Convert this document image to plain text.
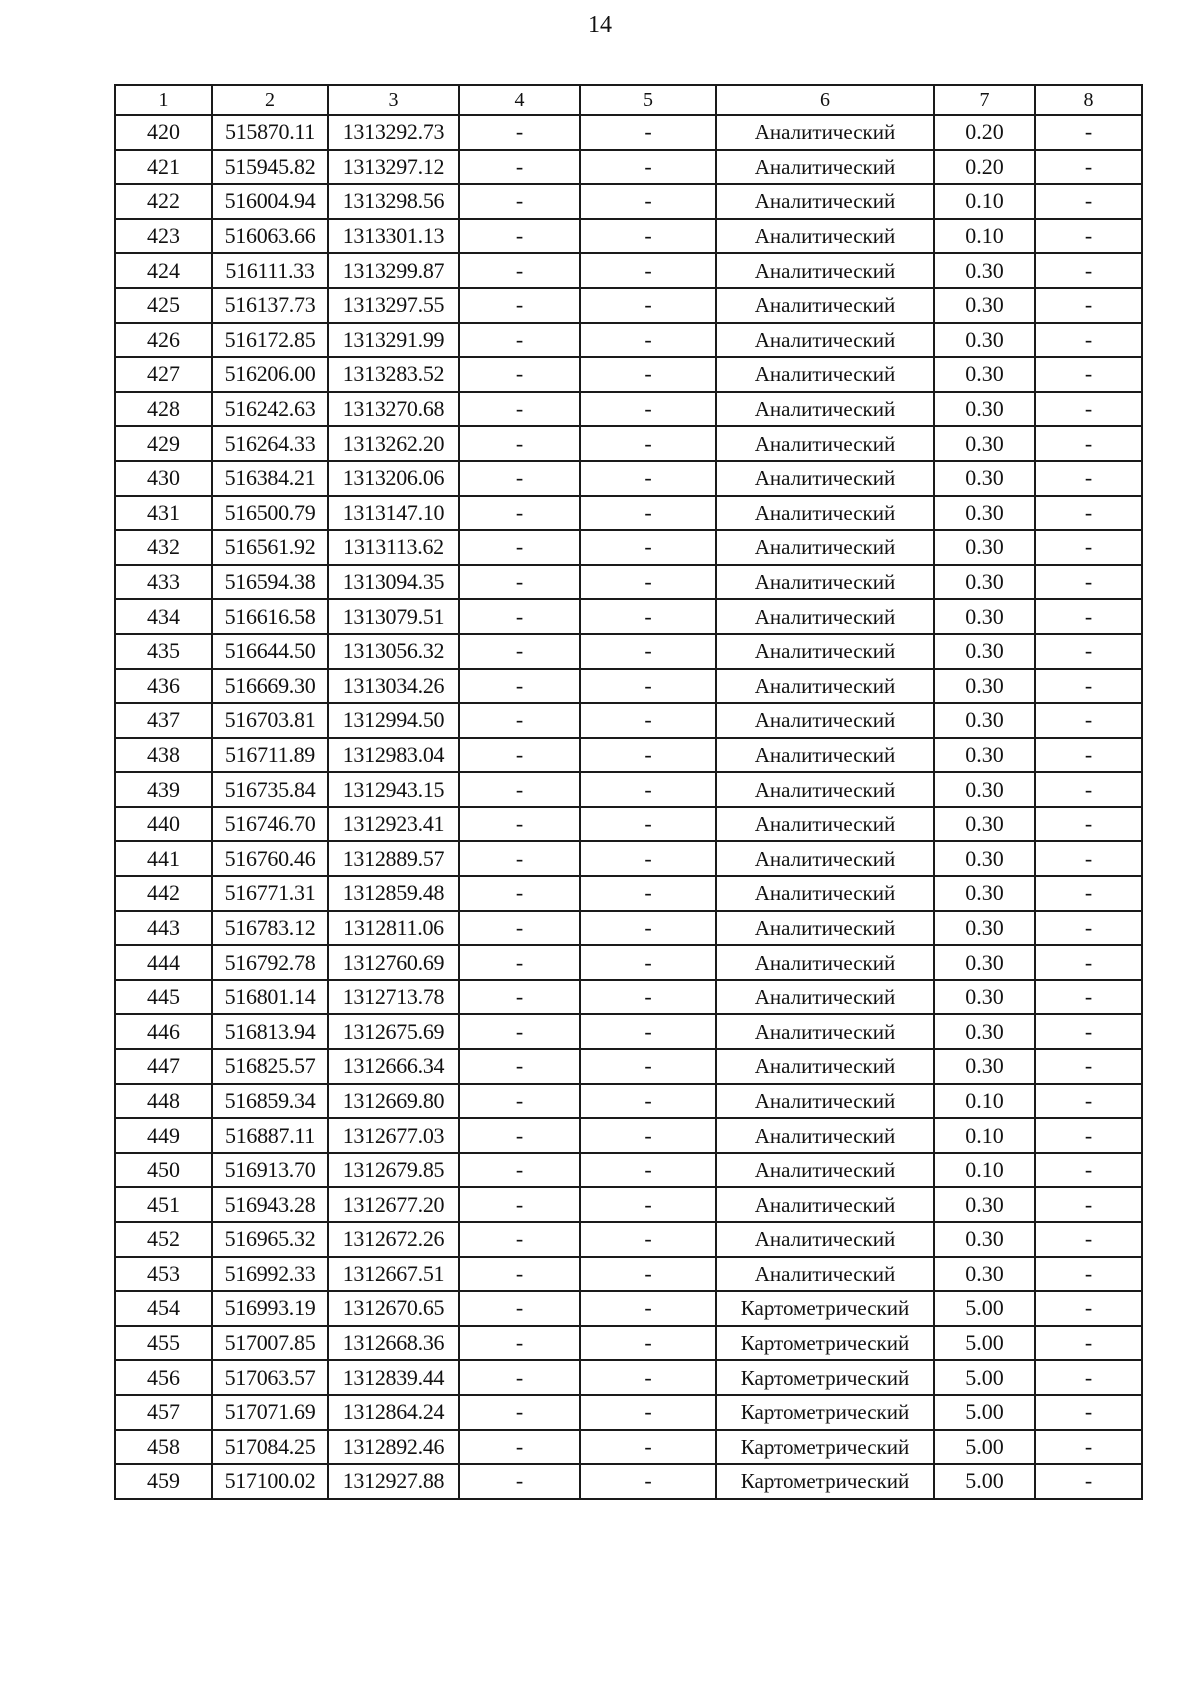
14
1	2	3	4	5	6	7	8
420	515870.11	1313292.73	-	-	Аналитический	0.20	-
421	515945.82	1313297.12	-	-	Аналитический	0.20	-
422	516004.94	1313298.56	-	-	Аналитический	0.10	-
423	516063.66	1313301.13	-	-	Аналитический	0.10	-
424	516111.33	1313299.87	-	-	Аналитический	0.30	-
425	516137.73	1313297.55	-	-	Аналитический	0.30	-
426	516172.85	1313291.99	-	-	Аналитический	0.30	-
427	516206.00	1313283.52	-	-	Аналитический	0.30	-
428	516242.63	1313270.68	-	-	Аналитический	0.30	-
429	516264.33	1313262.20	-	-	Аналитический	0.30	-
430	516384.21	1313206.06	-	-	Аналитический	0.30	-
431	516500.79	1313147.10	-	-	Аналитический	0.30	-
432	516561.92	1313113.62	-	-	Аналитический	0.30	-
433	516594.38	1313094.35	-	-	Аналитический	0.30	-
434	516616.58	1313079.51	-	-	Аналитический	0.30	-
435	516644.50	1313056.32	-	-	Аналитический	0.30	-
436	516669.30	1313034.26	-	-	Аналитический	0.30	-
437	516703.81	1312994.50	-	-	Аналитический	0.30	-
438	516711.89	1312983.04	-	-	Аналитический	0.30	-
439	516735.84	1312943.15	-	-	Аналитический	0.30	-
440	516746.70	1312923.41	-	-	Аналитический	0.30	-
441	516760.46	1312889.57	-	-	Аналитический	0.30	-
442	516771.31	1312859.48	-	-	Аналитический	0.30	-
443	516783.12	1312811.06	-	-	Аналитический	0.30	-
444	516792.78	1312760.69	-	-	Аналитический	0.30	-
445	516801.14	1312713.78	-	-	Аналитический	0.30	-
446	516813.94	1312675.69	-	-	Аналитический	0.30	-
447	516825.57	1312666.34	-	-	Аналитический	0.30	-
448	516859.34	1312669.80	-	-	Аналитический	0.10	-
449	516887.11	1312677.03	-	-	Аналитический	0.10	-
450	516913.70	1312679.85	-	-	Аналитический	0.10	-
451	516943.28	1312677.20	-	-	Аналитический	0.30	-
452	516965.32	1312672.26	-	-	Аналитический	0.30	-
453	516992.33	1312667.51	-	-	Аналитический	0.30	-
454	516993.19	1312670.65	-	-	Картометрический	5.00	-
455	517007.85	1312668.36	-	-	Картометрический	5.00	-
456	517063.57	1312839.44	-	-	Картометрический	5.00	-
457	517071.69	1312864.24	-	-	Картометрический	5.00	-
458	517084.25	1312892.46	-	-	Картометрический	5.00	-
459	517100.02	1312927.88	-	-	Картометрический	5.00	-
